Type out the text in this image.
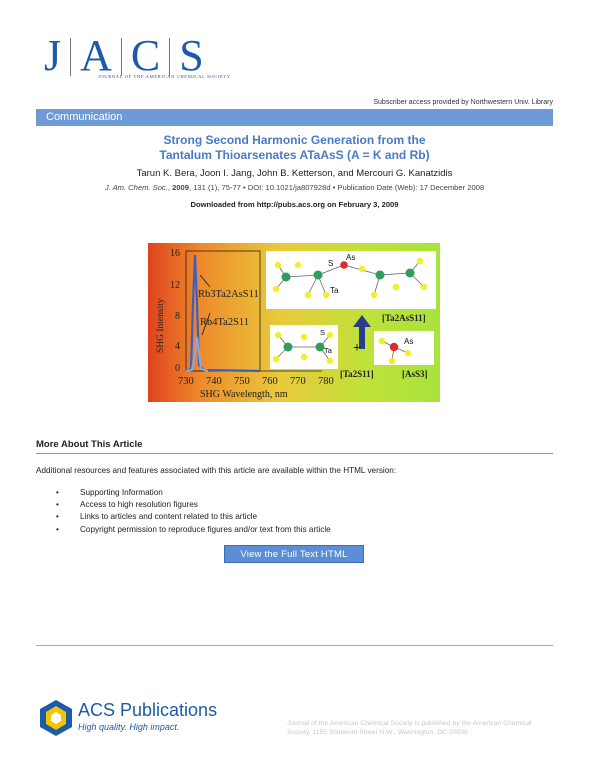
J A C S
JOURNAL OF THE AMERICAN CHEMICAL SOCIETY
Subscriber access provided by Northwestern Univ. Library
Communication
Strong Second Harmonic Generation from the
Tantalum Thioarsenates ATaAsS (A = K and Rb)
Tarun K. Bera, Joon I. Jang, John B. Ketterson, and Mercouri G. Kanatzidis
J. Am. Chem. Soc., 2009, 131 (1), 75-77 • DOI: 10.1021/ja807928d • Publication Date (Web): 17 December 2008
Downloaded from http://pubs.acs.org on February 3, 2009
16
12
8
4
0
SHG Intensity
730 740 750 760 770 780
SHG Wavelength, nm
Rb3Ta2AsS11
Rb4Ta2S11
S
As
Ta
[Ta2AsS11]
S
Ta
[Ta2S11]
+	As
[AsS3]
More About This Article
Additional resources and features associated with this article are available within the HTML version:
•	Supporting Information
•	Access to high resolution figures
•	Links to articles and content related to this article
•	Copyright permission to reproduce figures and/or text from this article
View the Full Text HTML
ACS Publications
High quality. High impact.	Journal of the American Chemical Society is published by the American Chemical Society. 1155 Sixteenth Street N.W., Washington, DC 20036
